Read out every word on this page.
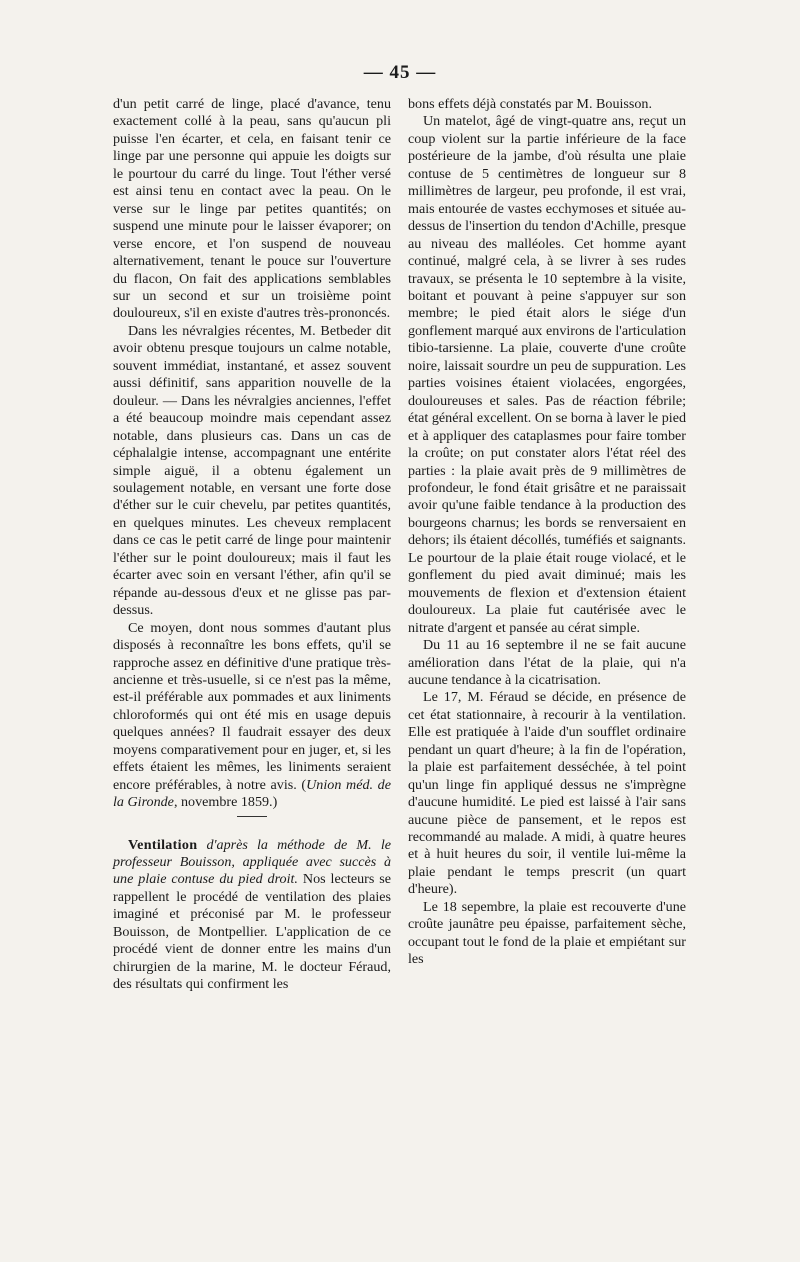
— 45 —

d'un petit carré de linge, placé d'avance, tenu exactement collé à la peau, sans qu'aucun pli puisse l'en écarter, et cela, en faisant tenir ce linge par une personne qui appuie les doigts sur le pourtour du carré du linge. Tout l'éther versé est ainsi tenu en contact avec la peau. On le verse sur le linge par petites quantités; on suspend une minute pour le laisser évaporer; on verse encore, et l'on suspend de nouveau alternativement, tenant le pouce sur l'ouverture du flacon, On fait des applications semblables sur un second et sur un troisième point douloureux, s'il en existe d'autres très-prononcés.

Dans les névralgies récentes, M. Betbeder dit avoir obtenu presque toujours un calme notable, souvent immédiat, instantané, et assez souvent aussi définitif, sans apparition nouvelle de la douleur. — Dans les névralgies anciennes, l'effet a été beaucoup moindre mais cependant assez notable, dans plusieurs cas. Dans un cas de céphalalgie intense, accompagnant une entérite simple aiguë, il a obtenu également un soulagement notable, en versant une forte dose d'éther sur le cuir chevelu, par petites quantités, en quelques minutes. Les cheveux remplacent dans ce cas le petit carré de linge pour maintenir l'éther sur le point douloureux; mais il faut les écarter avec soin en versant l'éther, afin qu'il se répande au-dessous d'eux et ne glisse pas par-dessus.

Ce moyen, dont nous sommes d'autant plus disposés à reconnaître les bons effets, qu'il se rapproche assez en définitive d'une pratique très-ancienne et très-usuelle, si ce n'est pas la même, est-il préférable aux pommades et aux liniments chloroformés qui ont été mis en usage depuis quelques années? Il faudrait essayer des deux moyens comparativement pour en juger, et, si les effets étaient les mêmes, les liniments seraient encore préférables, à notre avis. (Union méd. de la Gironde, novembre 1859.)

Ventilation d'après la méthode de M. le professeur Bouisson, appliquée avec succès à une plaie contuse du pied droit. Nos lecteurs se rappellent le procédé de ventilation des plaies imaginé et préconisé par M. le professeur Bouisson, de Montpellier. L'application de ce procédé vient de donner entre les mains d'un chirurgien de la marine, M. le docteur Féraud, des résultats qui confirment les

bons effets déjà constatés par M. Bouisson.

Un matelot, âgé de vingt-quatre ans, reçut un coup violent sur la partie inférieure de la face postérieure de la jambe, d'où résulta une plaie contuse de 5 centimètres de longueur sur 8 millimètres de largeur, peu profonde, il est vrai, mais entourée de vastes ecchymoses et située au-dessus de l'insertion du tendon d'Achille, presque au niveau des malléoles. Cet homme ayant continué, malgré cela, à se livrer à ses rudes travaux, se présenta le 10 septembre à la visite, boitant et pouvant à peine s'appuyer sur son membre; le pied était alors le siége d'un gonflement marqué aux environs de l'articulation tibio-tarsienne. La plaie, couverte d'une croûte noire, laissait sourdre un peu de suppuration. Les parties voisines étaient violacées, engorgées, douloureuses et sales. Pas de réaction fébrile; état général excellent. On se borna à laver le pied et à appliquer des cataplasmes pour faire tomber la croûte; on put constater alors l'état réel des parties : la plaie avait près de 9 millimètres de profondeur, le fond était grisâtre et ne paraissait avoir qu'une faible tendance à la production des bourgeons charnus; les bords se renversaient en dehors; ils étaient décollés, tuméfiés et saignants. Le pourtour de la plaie était rouge violacé, et le gonflement du pied avait diminué; mais les mouvements de flexion et d'extension étaient douloureux. La plaie fut cautérisée avec le nitrate d'argent et pansée au cérat simple.

Du 11 au 16 septembre il ne se fait aucune amélioration dans l'état de la plaie, qui n'a aucune tendance à la cicatrisation.

Le 17, M. Féraud se décide, en présence de cet état stationnaire, à recourir à la ventilation. Elle est pratiquée à l'aide d'un soufflet ordinaire pendant un quart d'heure; à la fin de l'opération, la plaie est parfaitement desséchée, à tel point qu'un linge fin appliqué dessus ne s'imprègne d'aucune humidité. Le pied est laissé à l'air sans aucune pièce de pansement, et le repos est recommandé au malade. A midi, à quatre heures et à huit heures du soir, il ventile lui-même la plaie pendant le temps prescrit (un quart d'heure).

Le 18 sepembre, la plaie est recouverte d'une croûte jaunâtre peu épaisse, parfaitement sèche, occupant tout le fond de la plaie et empiétant sur les
